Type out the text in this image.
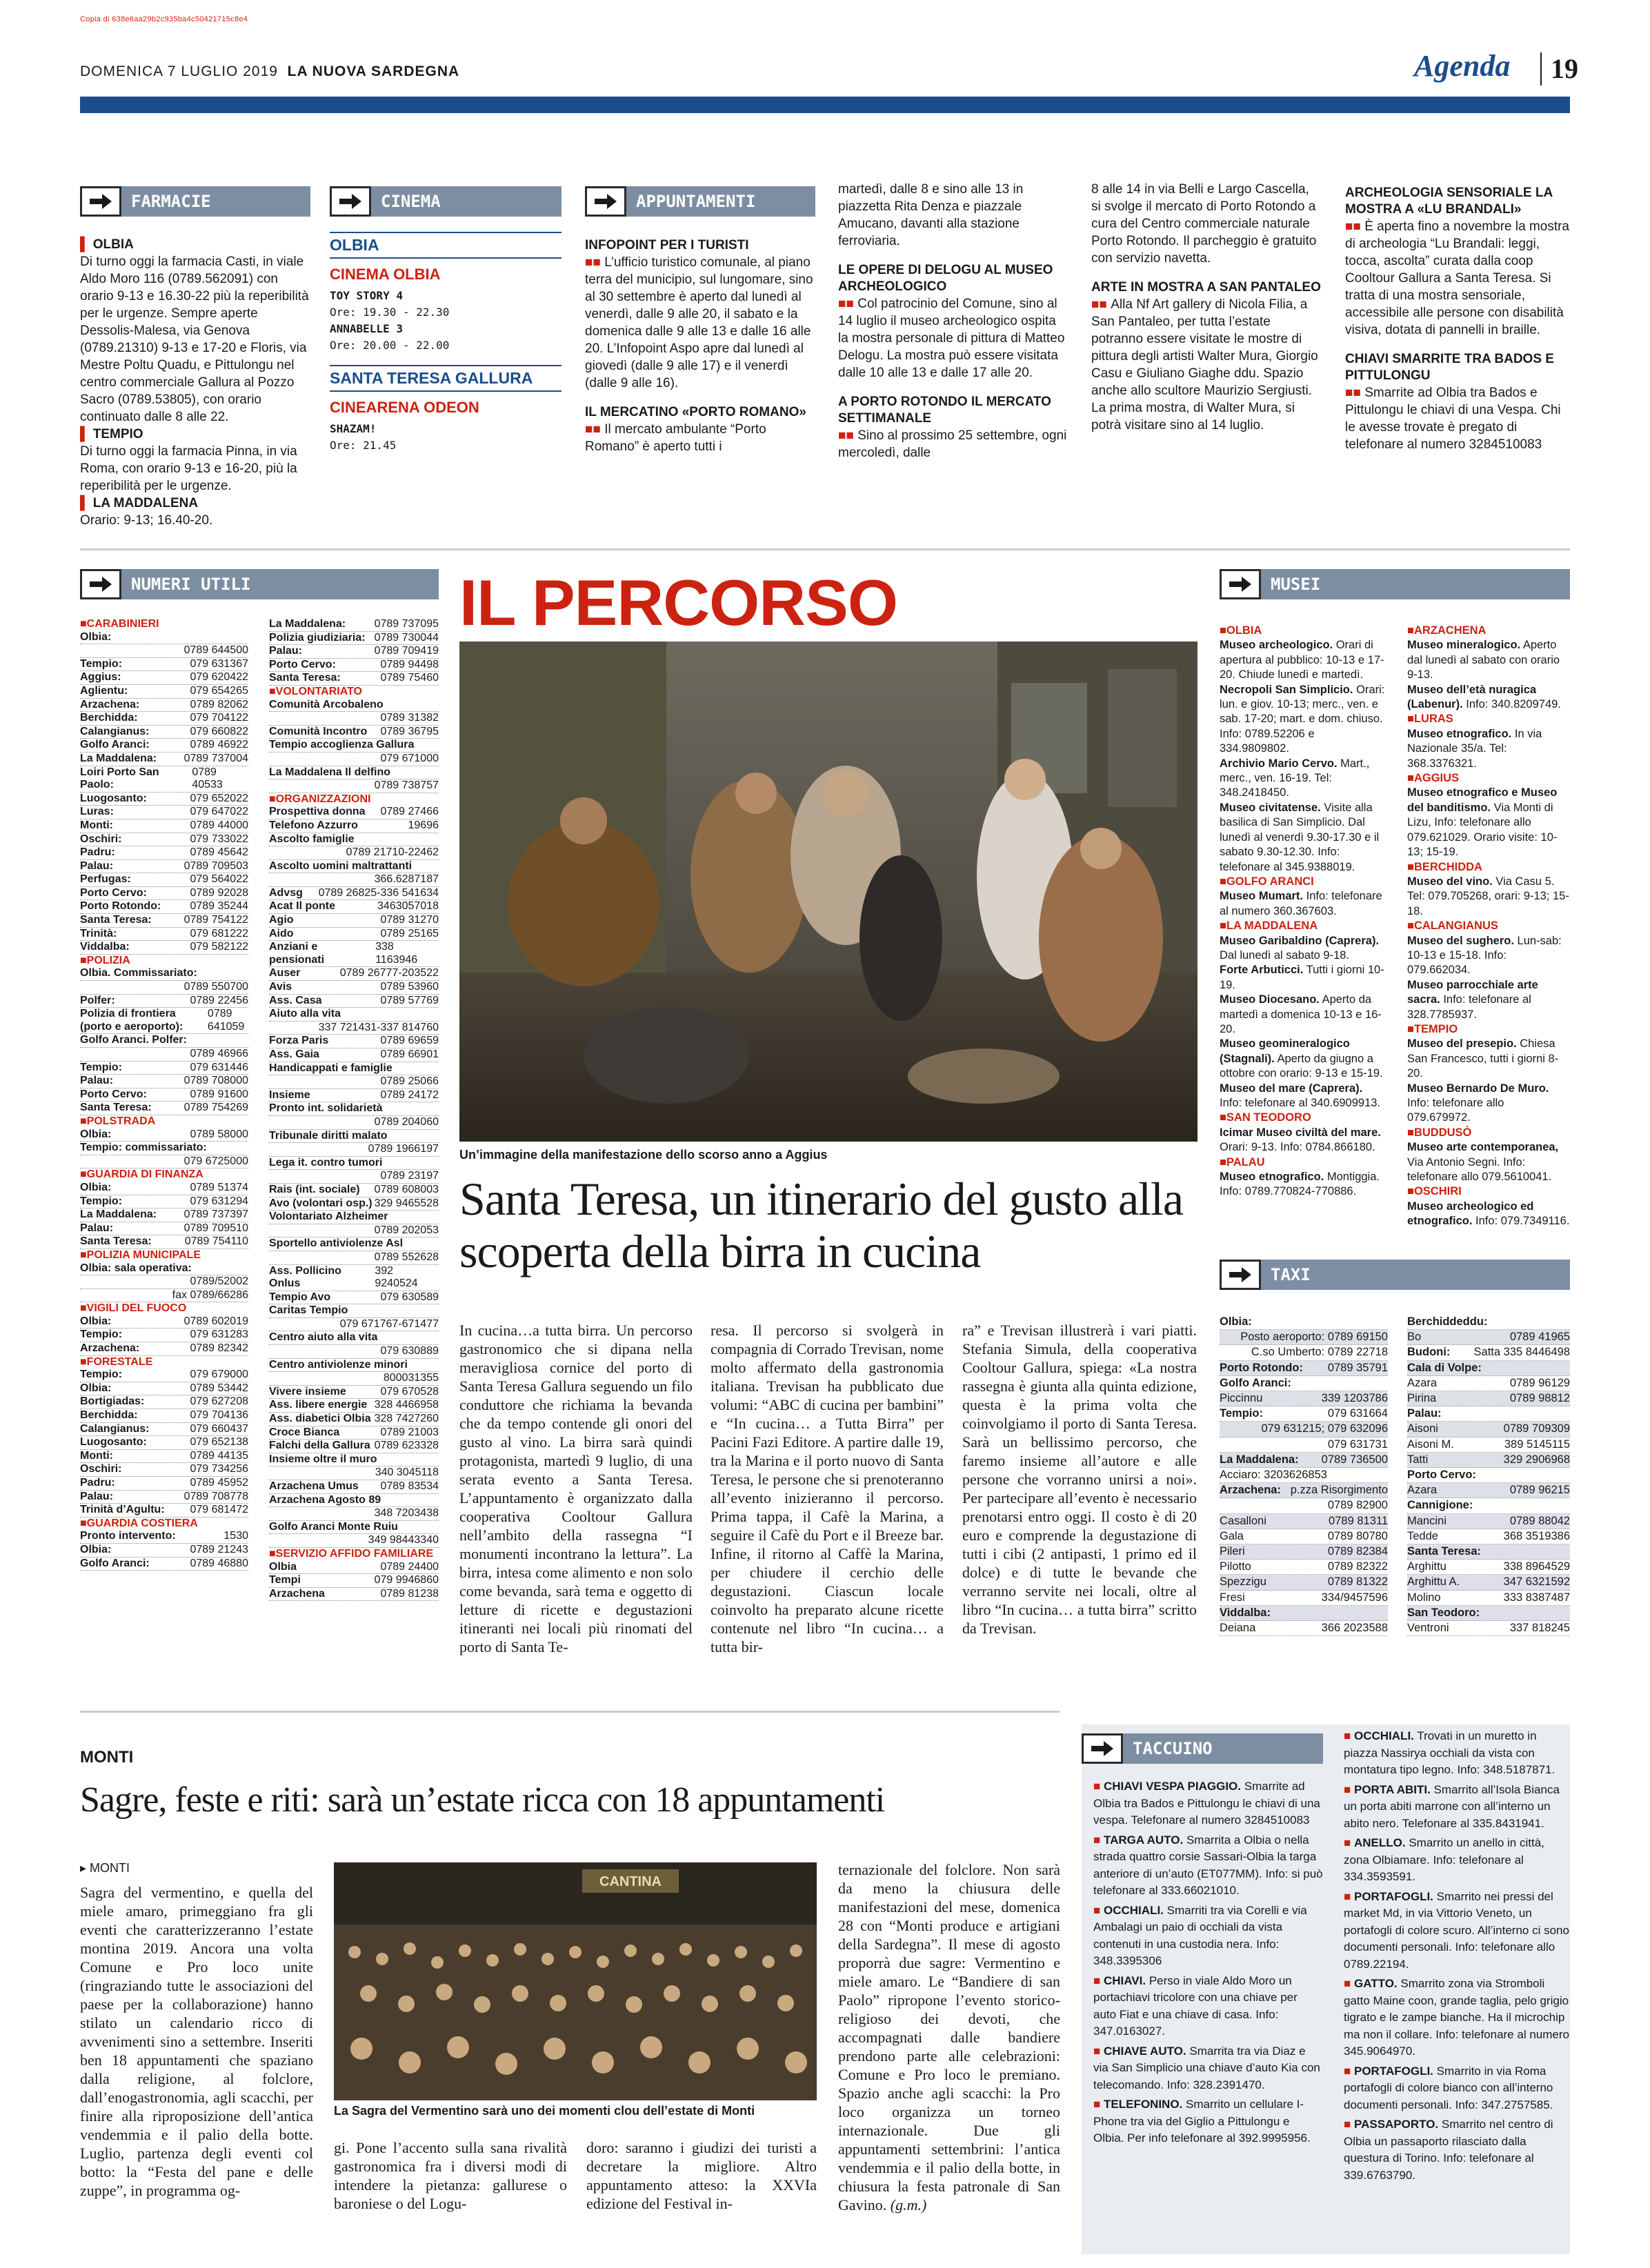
Copia di 638e6aa29b2c935ba4c50421715c8e4
DOMENICA 7 LUGLIO 2019 LA NUOVA SARDEGNA	Agenda 19
FARMACIE
▌ OLBIA

Di turno oggi la farmacia Casti, in viale Aldo Moro 116 (0789.562091) con orario 9-13 e 16.30-22 più la reperibilità per le urgenze. Sempre aperte Dessolis-Malesa, via Genova (0789.21310) 9-13 e 17-20 e Floris, via Mestre Poltu Quadu, e Pittulongu nel centro commerciale Gallura al Pozzo Sacro (0789.53805), con orario continuato dalle 8 alle 22.

▌ TEMPIO

Di turno oggi la farmacia Pinna, in via Roma, con orario 9-13 e 16-20, più la reperibilità per le urgenze.

▌ LA MADDALENA

Orario: 9-13; 16.40-20.

CINEMA
OLBIA
CINEMA OLBIA
TOY STORY 4
Ore: 19.30 - 22.30
ANNABELLE 3
Ore: 20.00 - 22.00
SANTA TERESA GALLURA
CINEARENA ODEON
SHAZAM!
Ore: 21.45
APPUNTAMENTI
INFOPOINT PER I TURISTI

■■ L’ufficio turistico comunale, al piano terra del municipio, sul lungomare, sino al 30 settembre è aperto dal lunedì al venerdì, dalle 9 alle 20, il sabato e la domenica dalle 9 alle 13 e dalle 16 alle 20. L’Infopoint Aspo apre dal lunedì al giovedì (dalle 9 alle 17) e il venerdì (dalle 9 alle 16).

IL MERCATINO «PORTO ROMANO»

■■ Il mercato ambulante “Porto Romano” è aperto tutti i

martedì, dalle 8 e sino alle 13 in piazzetta Rita Denza e piazzale Amucano, davanti alla stazione ferroviaria.

LE OPERE DI DELOGU AL MUSEO ARCHEOLOGICO

■■ Col patrocinio del Comune, sino al 14 luglio il museo archeologico ospita la mostra personale di pittura di Matteo Delogu. La mostra può essere visitata dalle 10 alle 13 e dalle 17 alle 20.

A PORTO ROTONDO IL MERCATO SETTIMANALE

■■ Sino al prossimo 25 settembre, ogni mercoledì, dalle

8 alle 14 in via Belli e Largo Cascella, si svolge il mercato di Porto Rotondo a cura del Centro commerciale naturale Porto Rotondo. Il parcheggio è gratuito con servizio navetta.

ARTE IN MOSTRA A SAN PANTALEO

■■ Alla Nf Art gallery di Nicola Filia, a San Pantaleo, per tutta l’estate potranno essere visitate le mostre di pittura degli artisti Walter Mura, Giorgio Casu e Giuliano Giaghe ddu. Spazio anche allo scultore Maurizio Sergiusti. La prima mostra, di Walter Mura, si potrà visitare sino al 14 luglio.

ARCHEOLOGIA SENSORIALE LA MOSTRA A «LU BRANDALI»

■■ È aperta fino a novembre la mostra di archeologia “Lu Brandali: leggi, tocca, ascolta” curata dalla coop Cooltour Gallura a Santa Teresa. Si tratta di una mostra sensoriale, accessibile alle persone con disabilità visiva, dotata di pannelli in braille.

CHIAVI SMARRITE TRA BADOS E PITTULONGU

■■ Smarrite ad Olbia tra Bados e Pittulongu le chiavi di una Vespa. Chi le avesse trovate è pregato di telefonare al numero 3284510083

NUMERI UTILI
■ CARABINIERI
Olbia:
0789 644500
Tempio:	079 631367
Aggius:	079 620422
Aglientu:	079 654265
Arzachena:	0789 82062
Berchidda:	079 704122
Calangianus:	079 660822
Golfo Aranci:	0789 46922
La Maddalena: 0789 737004
Loiri Porto San Paolo:
0789 40533
Luogosanto:	079 652022
Luras:	079 647022
Monti:	0789 44000
Oschiri:	079 733022
Padru:	0789 45642
Palau:	0789 709503
Perfugas:	079 564022
Porto Cervo:	0789 92028
Porto Rotondo:	0789 35244
Santa Teresa:	0789 754122
Trinità:	079 681222
Viddalba:	079 582122
■ POLIZIA
Olbia. Commissariato:
0789 550700
Polfer:	0789 22456
Polizia di frontiera (porto e aeroporto):
0789 641059
Golfo Aranci. Polfer:
0789 46966
Tempio:	079 631446
Palau:	0789 708000
Porto Cervo:	0789 91600
Santa Teresa:	0789 754269
■ POLSTRADA
Olbia:	0789 58000
Tempio: commissariato:
079 6725000
■ GUARDIA DI FINANZA
Olbia:	0789 51374
Tempio:	079 631294
La Maddalena: 0789 737397
Palau:	0789 709510
Santa Teresa:	0789 754110
■ POLIZIA MUNICIPALE
Olbia: sala operativa:
0789/52002
fax 0789/66286
■ VIGILI DEL FUOCO
Olbia:	0789 602019
Tempio:	079 631283
Arzachena:	0789 82342
■ FORESTALE
Tempio:	079 679000
Olbia:	0789 53442
Bortigiadas:	079 627208
Berchidda:	079 704136
Calangianus:	079 660437
Luogosanto:	079 652138
Monti:	0789 44135
Oschiri:	079 734256
Padru:	0789 45952
Palau:	0789 708778
Trinità d’Agultu: 079 681472
■ GUARDIA COSTIERA
Pronto intervento:	1530
Olbia:	0789 21243
Golfo Aranci:	0789 46880
La Maddalena:	0789 737095
Polizia giudiziaria: 0789 730044
Palau:	0789 709419
Porto Cervo:	0789 94498
Santa Teresa:	0789 75460
■ VOLONTARIATO
Comunità Arcobaleno
0789 31382
Comunità Incontro 0789 36795
Tempio accoglienza Gallura
079 671000
La Maddalena Il delfino
0789 738757
■ ORGANIZZAZIONI
Prospettiva donna 0789 27466
Telefono Azzurro	19696
Ascolto famiglie
0789 21710-22462
Ascolto uomini maltrattanti
366.6287187
Advsg 0789 26825-336 541634
Acat Il ponte	3463057018
Agio	0789 31270
Aido	0789 25165
Anziani e pensionati
338 1163946
Auser	0789 26777-203522
Avis	0789 53960
Ass. Casa	0789 57769
Aiuto alla vita
337 721431-337 814760
Forza Paris	0789 69659
Ass. Gaia	0789 66901
Handicappati e famiglie
0789 25066
Insieme	0789 24172
Pronto int. solidarietà
0789 204060
Tribunale diritti malato
0789 1966197
Lega it. contro tumori
0789 23197
Rais (int. sociale) 0789 608003
Avo (volontari osp.) 329 9465528
Volontariato Alzheimer
0789 202053
Sportello antiviolenze Asl
0789 552628
Ass. Pollicino Onlus
392 9240524
Tempio Avo	079 630589
Caritas Tempio
079 671767-671477
Centro aiuto alla vita
079 630889
Centro antiviolenze minori
800031355
Vivere insieme	079 670528
Ass. libere energie 328 4466958
Ass. diabetici Olbia 328 7427260
Croce Bianca	0789 21003
Falchi della Gallura 0789 623328
Insieme oltre il muro
340 3045118
Arzachena Umus 0789 83534
Arzachena Agosto 89
348 7203438
Golfo Aranci Monte Ruiu
349 98443340
■ SERVIZIO AFFIDO FAMILIARE
Olbia	0789 24400
Tempi	079 9946860
Arzachena	0789 81238
IL PERCORSO
Un’immagine della manifestazione dello scorso anno a Aggius
Santa Teresa, un itinerario del gusto alla scoperta della birra in cucina
In cucina…a tutta birra. Un percorso gastronomico che si dipana nella meravigliosa cornice del porto di Santa Teresa Gallura seguendo un filo conduttore che richiama la bevanda che da tempo contende gli onori del gusto al vino. La birra sarà quindi protagonista, martedì 9 luglio, di una serata evento a Santa Teresa. L’appuntamento è organizzato dalla cooperativa Cooltour Gallura nell’ambito della rassegna “I monumenti incontrano la lettura”. La birra, intesa come alimento e non solo come bevanda, sarà tema e oggetto di letture di ricette e degustazioni itineranti nei locali più rinomati del porto di Santa Te-
resa. Il percorso si svolgerà in compagnia di Corrado Trevisan, nome molto affermato della gastronomia italiana. Trevisan ha pubblicato due volumi: “ABC di cucina per bambini” e “In cucina… a Tutta Birra” per Pacini Fazi Editore. A partire dalle 19, tra la Marina e il porto nuovo di Santa Teresa, le persone che si prenoteranno all’evento inizieranno il percorso. Prima tappa, il Cafè la Marina, a seguire il Cafè du Port e il Breeze bar. Infine, il ritorno al Caffè la Marina, per chiudere il cerchio delle degustazioni. Ciascun locale coinvolto ha preparato alcune ricette contenute nel libro “In cucina… a tutta bir-
ra” e Trevisan illustrerà i vari piatti. Stefania Simula, della cooperativa Cooltour Gallura, spiega: «La nostra rassegna è giunta alla quinta edizione, questa è la prima volta che coinvolgiamo il porto di Santa Teresa. Sarà un bellissimo percorso, che faremo insieme all’autore e alle persone che vorranno unirsi a noi». Per partecipare all’evento è necessario prenotarsi entro oggi. Il costo è di 20 euro e comprende la degustazione di tutti i cibi (2 antipasti, 1 primo ed il dolce) e di tutte le bevande che verranno servite nei locali, oltre al libro “In cucina… a tutta birra” scritto da Trevisan.
MUSEI
■ OLBIA
Museo archeologico. Orari di apertura al pubblico: 10-13 e 17-20. Chiude lunedì e martedì.
Necropoli San Simplicio. Orari: lun. e giov. 10-13; merc., ven. e sab. 17-20; mart. e dom. chiuso. Info: 0789.52206 e 334.9809802.
Archivio Mario Cervo. Mart., merc., ven. 16-19. Tel: 348.2418450.
Museo civitatense. Visite alla basilica di San Simplicio. Dal lunedì al venerdì 9.30-17.30 e il sabato 9.30-12.30. Info: telefonare al 345.9388019.
■ GOLFO ARANCI
Museo Mumart. Info: telefonare al numero 360.367603.
■ LA MADDALENA
Museo Garibaldino (Caprera). Dal lunedì al sabato 9-18.
Forte Arbuticci. Tutti i giorni 10-19.
Museo Diocesano. Aperto da martedì a domenica 10-13 e 16-20.
Museo geomineralogico (Stagnali). Aperto da giugno a ottobre con orario: 9-13 e 15-19.
Museo del mare (Caprera). Info: telefonare al 340.6909913.
■ SAN TEODORO
Icimar Museo civiltà del mare. Orari: 9-13. Info: 0784.866180.
■ PALAU
Museo etnografico. Montiggia. Info: 0789.770824-770886.
■ ARZACHENA
Museo mineralogico. Aperto dal lunedì al sabato con orario 9-13.
Museo dell’età nuragica (Labenur). Info: 340.8209749.
■ LURAS
Museo etnografico. In via Nazionale 35/a. Tel: 368.3376321.
■ AGGIUS
Museo etnografico e Museo del banditismo. Via Monti di Lizu, Info: telefonare allo 079.621029. Orario visite: 10-13; 15-19.
■ BERCHIDDA
Museo del vino. Via Casu 5. Tel: 079.705268, orari: 9-13; 15-18.
■ CALANGIANUS
Museo del sughero. Lun-sab: 10-13 e 15-18. Info: 079.662034.
Museo parrocchiale arte sacra. Info: telefonare al 328.7785937.
■ TEMPIO
Museo del presepio. Chiesa San Francesco, tutti i giorni 8-20.
Museo Bernardo De Muro. Info: telefonare allo 079.679972.
■ BUDDUSÒ
Museo arte contemporanea, Via Antonio Segni. Info: telefonare allo 079.5610041.
■ OSCHIRI
Museo archeologico ed etnografico. Info: 079.7349116.
TAXI
Olbia:
Posto aeroporto: 0789 69150
C.so Umberto: 0789 22718
Porto Rotondo: 0789 35791
Golfo Aranci:
Piccinnu	339 1203786
Tempio:	079 631664
079 631215; 079 632096
079 631731
La Maddalena: 0789 736500
Acciaro: 3203626853
Arzachena: p.zza Risorgimento
0789 82900
Casalloni	0789 81311
Gala	0789 80780
Pileri	0789 82384
Pilotto	0789 82322
Spezzigu	0789 81322
Fresi	334/9457596
Viddalba:
Deiana	366 2023588
Berchiddeddu:
Bo	0789 41965
Budoni: Satta 335 8446498
Cala di Volpe:
Azara	0789 96129
Pirina	0789 98812
Palau:
Aisoni	0789 709309
Aisoni M.	389 5145115
Tatti	329 2906968
Porto Cervo:
Azara	0789 96215
Cannigione:
Mancini	0789 88042
Tedde	368 3519386
Santa Teresa:
Arghittu	338 8964529
Arghittu A.	347 6321592
Molino	333 8387487
San Teodoro:
Ventroni	337 818245
MONTI
Sagre, feste e riti: sarà un’estate ricca con 18 appuntamenti
▸ MONTI
Sagra del vermentino, e quella del miele amaro, primeggiano fra gli eventi che caratterizzeranno l’estate montina 2019. Ancora una volta Comune e Pro loco unite (ringraziando tutte le associazioni del paese per la collaborazione) hanno stilato un calendario ricco di avvenimenti sino a settembre. Inseriti ben 18 appuntamenti che spaziano dalla religione, al folclore, dall’enogastronomia, agli scacchi, per finire alla riproposizione dell’antica vendemmia e il palio della botte. Luglio, partenza degli eventi col botto: la “Festa del pane e delle zuppe”, in programma og-
CANTINA
La Sagra del Vermentino sarà uno dei momenti clou dell’estate di Monti
gi. Pone l’accento sulla sana rivalità gastronomica fra i diversi modi di intendere la pietanza: gallurese o baroniese o del Logu-
doro: saranno i giudizi dei turisti a decretare la migliore. Altro appuntamento atteso: la XXVIa edizione del Festival in-
ternazionale del folclore. Non sarà da meno la chiusura delle manifestazioni del mese, domenica 28 con “Monti produce e artigiani della Sardegna”. Il mese di agosto proporrà due sagre: Vermentino e miele amaro. Le “Bandiere di san Paolo” ripropone l’evento storico-religioso dei devoti, che accompagnati dalle bandiere prendono parte alle celebrazioni: Comune e Pro loco le premiano. Spazio anche agli scacchi: la Pro loco organizza un torneo internazionale. Due gli appuntamenti settembrini: l’antica vendemmia e il palio della botte, in chiusura la festa patronale di San Gavino. (g.m.)
TACCUINO
■ CHIAVI VESPA PIAGGIO. Smarrite ad Olbia tra Bados e Pittulongu le chiavi di una vespa. Telefonare al numero 3284510083
■ TARGA AUTO. Smarrita a Olbia o nella strada quattro corsie Sassari-Olbia la targa anteriore di un’auto (ET077MM). Info: si può telefonare al 333.66021010.
■ OCCHIALI. Smarriti tra via Corelli e via Ambalagi un paio di occhiali da vista contenuti in una custodia nera. Info: 348.3395306
■ CHIAVI. Perso in viale Aldo Moro un portachiavi tricolore con una chiave per auto Fiat e una chiave di casa. Info: 347.0163027.
■ CHIAVE AUTO. Smarrita tra via Diaz e via San Simplicio una chiave d’auto Kia con telecomando. Info: 328.2391470.
■ TELEFONINO. Smarrito un cellulare I-Phone tra via del Giglio a Pittulongu e Olbia. Per info telefonare al 392.9995956.
■ OCCHIALI. Trovati in un muretto in piazza Nassirya occhiali da vista con montatura tipo legno. Info: 348.5187871.
■ PORTA ABITI. Smarrito all’Isola Bianca un porta abiti marrone con all’interno un abito nero. Telefonare al 335.8431941.
■ ANELLO. Smarrito un anello in città, zona Olbiamare. Info: telefonare al 334.3593591.
■ PORTAFOGLI. Smarrito nei pressi del market Md, in via Vittorio Veneto, un portafogli di colore scuro. All’interno ci sono documenti personali. Info: telefonare allo 0789.22194.
■ GATTO. Smarrito zona via Stromboli gatto Maine coon, grande taglia, pelo grigio tigrato e le zampe bianche. Ha il microchip ma non il collare. Info: telefonare al numero 345.9064970.
■ PORTAFOGLI. Smarrito in via Roma portafogli di colore bianco con all’interno documenti personali. Info: 347.2757585.
■ PASSAPORTO. Smarrito nel centro di Olbia un passaporto rilasciato dalla questura di Torino. Info: telefonare al 339.6763790.
